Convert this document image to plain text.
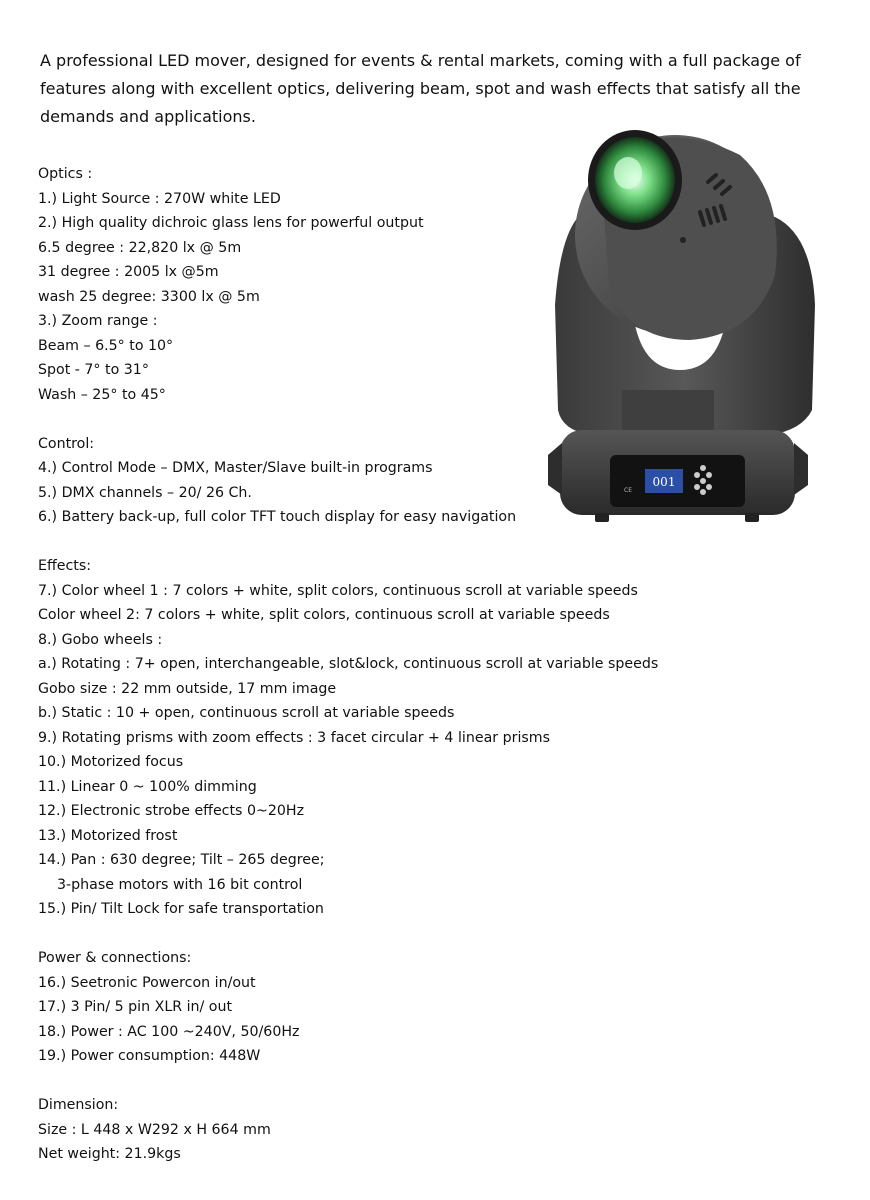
A professional LED mover, designed for events & rental markets, coming with a full package of features along with excellent optics, delivering beam, spot and wash effects that satisfy all the demands and applications.

Optics :
1.) Light Source : 270W white LED
2.) High quality dichroic glass lens for powerful output
6.5 degree : 22,820 lx @ 5m
31 degree : 2005 lx @5m
wash 25 degree: 3300 lx @ 5m
3.) Zoom range :
Beam – 6.5° to 10°
Spot - 7° to 31°
Wash – 25° to 45°
Control:
4.) Control Mode – DMX, Master/Slave built-in programs
5.) DMX channels – 20/ 26 Ch.
6.) Battery back-up, full color TFT touch display for easy navigation
Effects:
7.) Color wheel 1 : 7 colors + white, split colors, continuous scroll at variable speeds
Color wheel 2: 7 colors + white, split colors, continuous scroll at variable speeds
8.) Gobo wheels :
a.) Rotating : 7+ open, interchangeable, slot&lock, continuous scroll at variable speeds
Gobo size : 22 mm outside, 17 mm image
b.) Static : 10 + open, continuous scroll at variable speeds
9.) Rotating prisms with zoom effects : 3 facet circular + 4 linear prisms
10.) Motorized focus
11.) Linear 0 ~ 100% dimming
12.) Electronic strobe effects 0~20Hz
13.) Motorized frost
14.) Pan : 630 degree; Tilt – 265 degree;
3-phase motors with 16 bit control
15.) Pin/ Tilt Lock for safe transportation
Power & connections:
16.) Seetronic Powercon in/out
17.) 3 Pin/ 5 pin XLR in/ out
18.) Power : AC 100 ~240V, 50/60Hz
19.) Power consumption: 448W
Dimension:
Size : L 448 x W292 x H 664 mm
Net weight: 21.9kgs
001
CE
